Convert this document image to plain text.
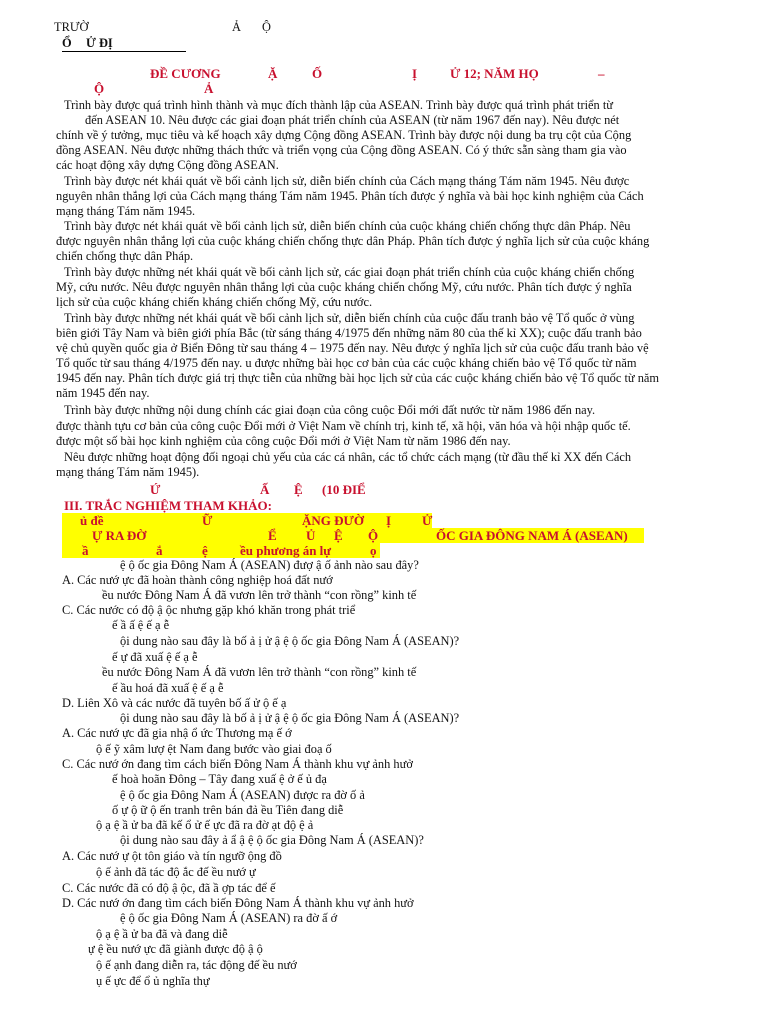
TRƯỜ	Ả Ộ
Ổ Ử ĐỊ
ĐỀ CƯƠNG	Ặ	Ố	Ị	Ử 12; NĂM HỌ	–
Ộ	Ả
Trình bày được quá trình hình thành và mục đích thành lập của ASEAN. Trình bày được quá trình phát triển từ
đến ASEAN 10. Nêu được các giai đoạn phát triển chính của ASEAN (từ năm 1967 đến nay). Nêu được nét
chính về ý tưởng, mục tiêu và kế hoạch xây dựng Cộng đồng ASEAN. Trình bày được nội dung ba trụ cột của Cộng
đồng ASEAN. Nêu được những thách thức và triển vọng của Cộng đồng ASEAN. Có ý thức sẵn sàng tham gia vào
các hoạt động xây dựng Cộng đồng ASEAN.
Trình bày được nét khái quát về bối cảnh lịch sử, diễn biến chính của Cách mạng tháng Tám năm 1945. Nêu được
nguyên nhân thắng lợi của Cách mạng tháng Tám năm 1945. Phân tích được ý nghĩa và bài học kinh nghiệm của Cách
mạng tháng Tám năm 1945.
Trình bày được nét khái quát về bối cảnh lịch sử, diễn biến chính của cuộc kháng chiến chống thực dân Pháp. Nêu
được nguyên nhân thắng lợi của cuộc kháng chiến chống thực dân Pháp. Phân tích được ý nghĩa lịch sử của cuộc kháng
chiến chống thực dân Pháp.
Trình bày được những nét khái quát về bối cảnh lịch sử, các giai đoạn phát triển chính của cuộc kháng chiến chống
Mỹ, cứu nước. Nêu được nguyên nhân thắng lợi của cuộc kháng chiến chống Mỹ, cứu nước. Phân tích được ý nghĩa
lịch sử của cuộc kháng chiến kháng chiến chống Mỹ, cứu nước.
Trình bày được những nét khái quát về bối cảnh lịch sử, diễn biến chính của cuộc đấu tranh bảo vệ Tổ quốc ở vùng
biên giới Tây Nam và biên giới phía Bắc (từ sáng tháng 4/1975 đến những năm 80 của thế kỉ XX); cuộc đấu tranh bảo
vệ chủ quyền quốc gia ở Biển Đông từ sau tháng 4 – 1975 đến nay. Nêu được ý nghĩa lịch sử của cuộc đấu tranh bảo vệ
Tổ quốc từ sau tháng 4/1975 đến nay. u được những bài học cơ bản của các cuộc kháng chiến bảo vệ Tổ quốc từ năm
1945 đến nay. Phân tích được giá trị thực tiễn của những bài học lịch sử của các cuộc kháng chiến bảo vệ Tổ quốc từ năm
năm 1945 đến nay.
Trình bày được những nội dung chính các giai đoạn của công cuộc Đổi mới đất nước từ năm 1986 đến nay.
được thành tựu cơ bản của công cuộc Đổi mới ở Việt Nam về chính trị, kinh tế, xã hội, văn hóa và hội nhập quốc tế.
được một số bài học kinh nghiệm của công cuộc Đổi mới ở Việt Nam từ năm 1986 đến nay.
Nêu được những hoạt động đối ngoại chủ yếu của các cá nhân, các tổ chức cách mạng (từ đầu thế kỉ XX đến Cách
mạng tháng Tám năm 1945).
Ứ	Ấ Ệ (10 ĐIỂ
III. TRẮC NGHIỆM THAM KHẢO:
ủ đề	Ữ	ẶNG ĐƯỜ Ị Ử
Ự RA ĐỜ	Ể Ủ Ệ Ộ	ỐC GIA ĐÔNG NAM Á (ASEAN)
ầ	ắ	ệ ều phương án lự	ọ
ệ ộ ốc gia Đông Nam Á (ASEAN) đượ ậ ố ảnh nào sau đây?
A. Các nướ ực đã hoàn thành công nghiệp hoá đất nướ
ều nước Đông Nam Á đã vươn lên trở thành “con rồng” kinh tế
C. Các nước có độ ậ ộc nhưng gặp khó khăn trong phát triể
ế ầ ấ ệ ế ạ ễ
ội dung nào sau đây là bố ả ị ử ậ ệ ộ ốc gia Đông Nam Á (ASEAN)?
ế ự đã xuấ ệ ế ạ ễ
ều nước Đông Nam Á đã vươn lên trở thành “con rồng” kinh tế
ế ầu hoá đã xuấ ệ ế ạ ễ
D. Liên Xô và các nước đã tuyên bố ấ ử ộ ế ạ
ội dung nào sau đây là bố ả ị ử ậ ệ ộ ốc gia Đông Nam Á (ASEAN)?
A. Các nướ ực đã gia nhậ ổ ức Thương mạ ế ớ
ộ ế ỹ xâm lượ ệt Nam đang bước vào giai đoạ ố
C. Các nướ ớn đang tìm cách biến Đông Nam Á thành khu vự ảnh hưở
ế hoà hoãn Đông – Tây đang xuấ ệ ở ế ủ đạ
ệ ộ ốc gia Đông Nam Á (ASEAN) được ra đờ ố ả
ố ự ộ ữ ộ ến tranh trên bán đả ều Tiên đang diễ
ộ ạ ệ ầ ử ba đã kế ổ ử ế ực đã ra đờ ạt độ ệ ả
ội dung nào sau đây ả ẩ ậ ệ ộ ốc gia Đông Nam Á (ASEAN)?
A. Các nướ ự ột tôn giáo và tín ngưỡ ộng đồ
ộ ế ảnh đã tác độ ắc đế ều nướ ự
C. Các nước đã có độ ậ ộc, đã ầ ợp tác để ế
D. Các nướ ớn đang tìm cách biến Đông Nam Á thành khu vự ảnh hưở
ệ ộ ốc gia Đông Nam Á (ASEAN) ra đờ ấ ớ
ộ ạ ệ ầ ử ba đã và đang diễ
ự ệ ều nướ ực đã giành được độ ậ ộ
ộ ế ạnh đang diễn ra, tác động đế ều nướ
ụ ế ực để ổ ủ nghĩa thự
